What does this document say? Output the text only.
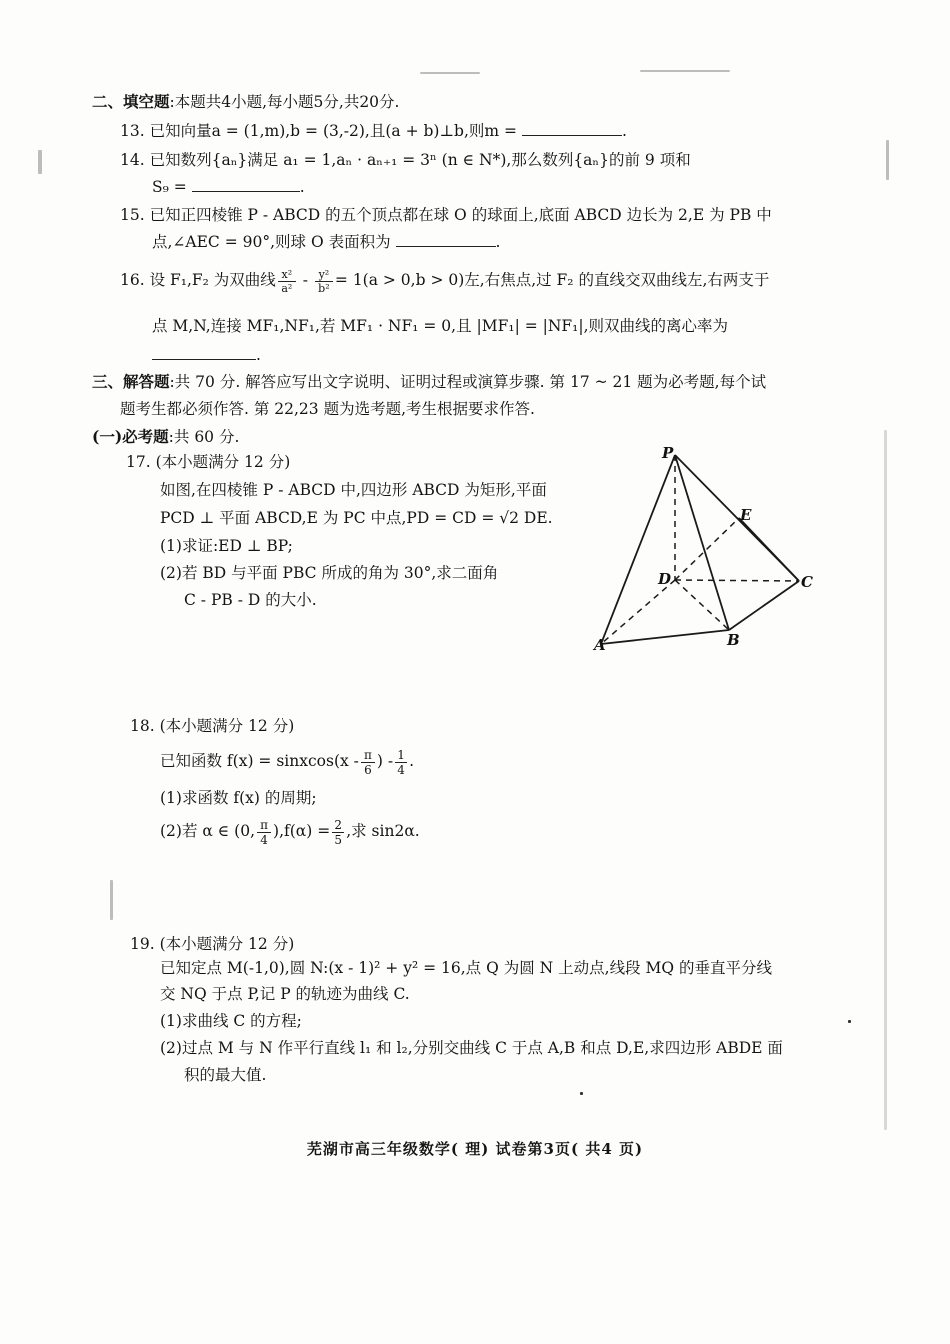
二、填空题:本题共4小题,每小题5分,共20分.
13. 已知向量a = (1,m),b = (3,-2),且(a + b)⊥b,则m =	.
14. 已知数列{aₙ}满足 a₁ = 1,aₙ · aₙ₊₁ = 3ⁿ (n ∈ N*),那么数列{aₙ}的前 9 项和
S₉ =	.
15. 已知正四棱锥 P - ABCD 的五个顶点都在球 O 的球面上,底面 ABCD 边长为 2,E 为 PB 中
点,∠AEC = 90°,则球 O 表面积为	.
16. 设 F₁,F₂ 为双曲线 $\frac{\text{x²}}{\text{a²}} - \frac{\text{y²}}{\text{b²}} = 1(a > 0,b > 0)$左,右焦点,过 F₂ 的直线交双曲线左,右两支于
点 M,N,连接 MF₁,NF₁,若 MF₁ · NF₁ = 0,且 |MF₁| = |NF₁|,则双曲线的离心率为
.
三、解答题:共 70 分. 解答应写出文字说明、证明过程或演算步骤. 第 17 ~ 21 题为必考题,每个试
题考生都必须作答. 第 22,23 题为选考题,考生根据要求作答.
(一)必考题:共 60 分.
17. (本小题满分 12 分)
如图,在四棱锥 P - ABCD 中,四边形 ABCD 为矩形,平面
PCD ⊥ 平面 ABCD,E 为 PC 中点,PD = CD = √2 DE.
(1)求证:ED ⊥ BP;
(2)若 BD 与平面 PBC 所成的角为 30°,求二面角
C - PB - D 的大小.
P
E
D	C
A	B
18. (本小题满分 12 分)
已知函数 f(x) = sinxcos(x - $\frac{\pi}{6}$ ) - $\frac{1}{4}$ .
(1)求函数 f(x) 的周期;
(2)若 α ∈ (0, $\frac{\pi}{4} ),f(\alpha) = \frac{2}{5}$ ,求 sin2α.
19. (本小题满分 12 分)
已知定点 M(-1,0),圆 N:(x - 1)² + y² = 16,点 Q 为圆 N 上动点,线段 MQ 的垂直平分线
交 NQ 于点 P,记 P 的轨迹为曲线 C.
(1)求曲线 C 的方程;
(2)过点 M 与 N 作平行直线 l₁ 和 l₂,分别交曲线 C 于点 A,B 和点 D,E,求四边形 ABDE 面
积的最大值.
芜湖市高三年级数学( 理) 试卷第3页( 共4 页)
